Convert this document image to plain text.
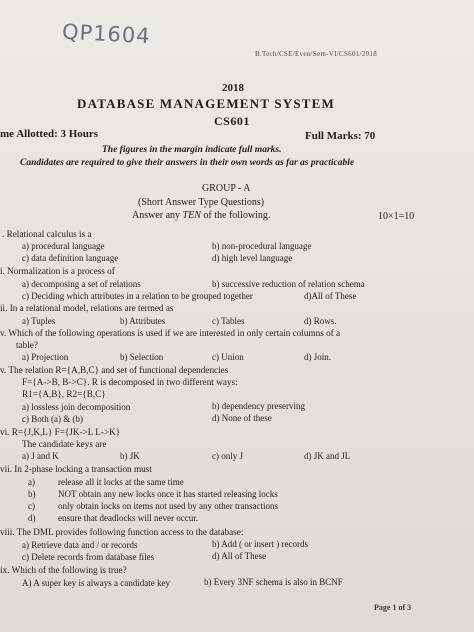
QP1604
B.Tech/CSE/Even/Sem-VI/CS601/2018
2018
DATABASE MANAGEMENT SYSTEM
CS601
me Allotted: 3 Hours	Full Marks: 70
The figures in the margin indicate full marks.
Candidates are required to give their answers in their own words as far as practicable
GROUP - A
(Short Answer Type Questions)
Answer any TEN of the following.	10×1=10
. Relational calculus is a
a) procedural language	b) non-procedural language
c) data definition language	d) high level language
i. Normalization is a process of
a) decomposing a set of relations	b) successive reduction of relation schema
c) Deciding which attributes in a relation to be grouped together	d)All of These
ii. In a relational model, relations are termed as
a) Tuples	b) Attributes	c) Tables	d) Rows.
v. Which of the following operations is used if we are interested in only certain columns of a
table?
a) Projection	b) Selection	c) Union	d) Join.
v. The relation R={A,B,C} and set of functional dependencies
F={A->B, B->C}. R is decomposed in two different ways:
R1={A,B}, R2={B,C}
a) lossless join decomposition	b) dependency preserving
c) Both (a) & (b)	d) None of these
vi. R={J,K,L} F={JK->L L->K}
The candidate keys are
a) J and K	b) JK	c) only J	d) JK and JL
vii. In 2-phase locking a transaction must
a)	release all it locks at the same time
b)	NOT obtain any new locks once it has started releasing locks
c)	only obtain locks on items not used by any other transactions
d)	ensure that deadlocks will never occur.
viii. The DML provides following function access to the database:
a) Retrieve data and / or records	b) Add ( or insert ) records
c) Delete records from database files	d) All of These
ix. Which of the following is true?
A) A super key is always a candidate key	b) Every 3NF schema is also in BCNF
Page 1 of 3
